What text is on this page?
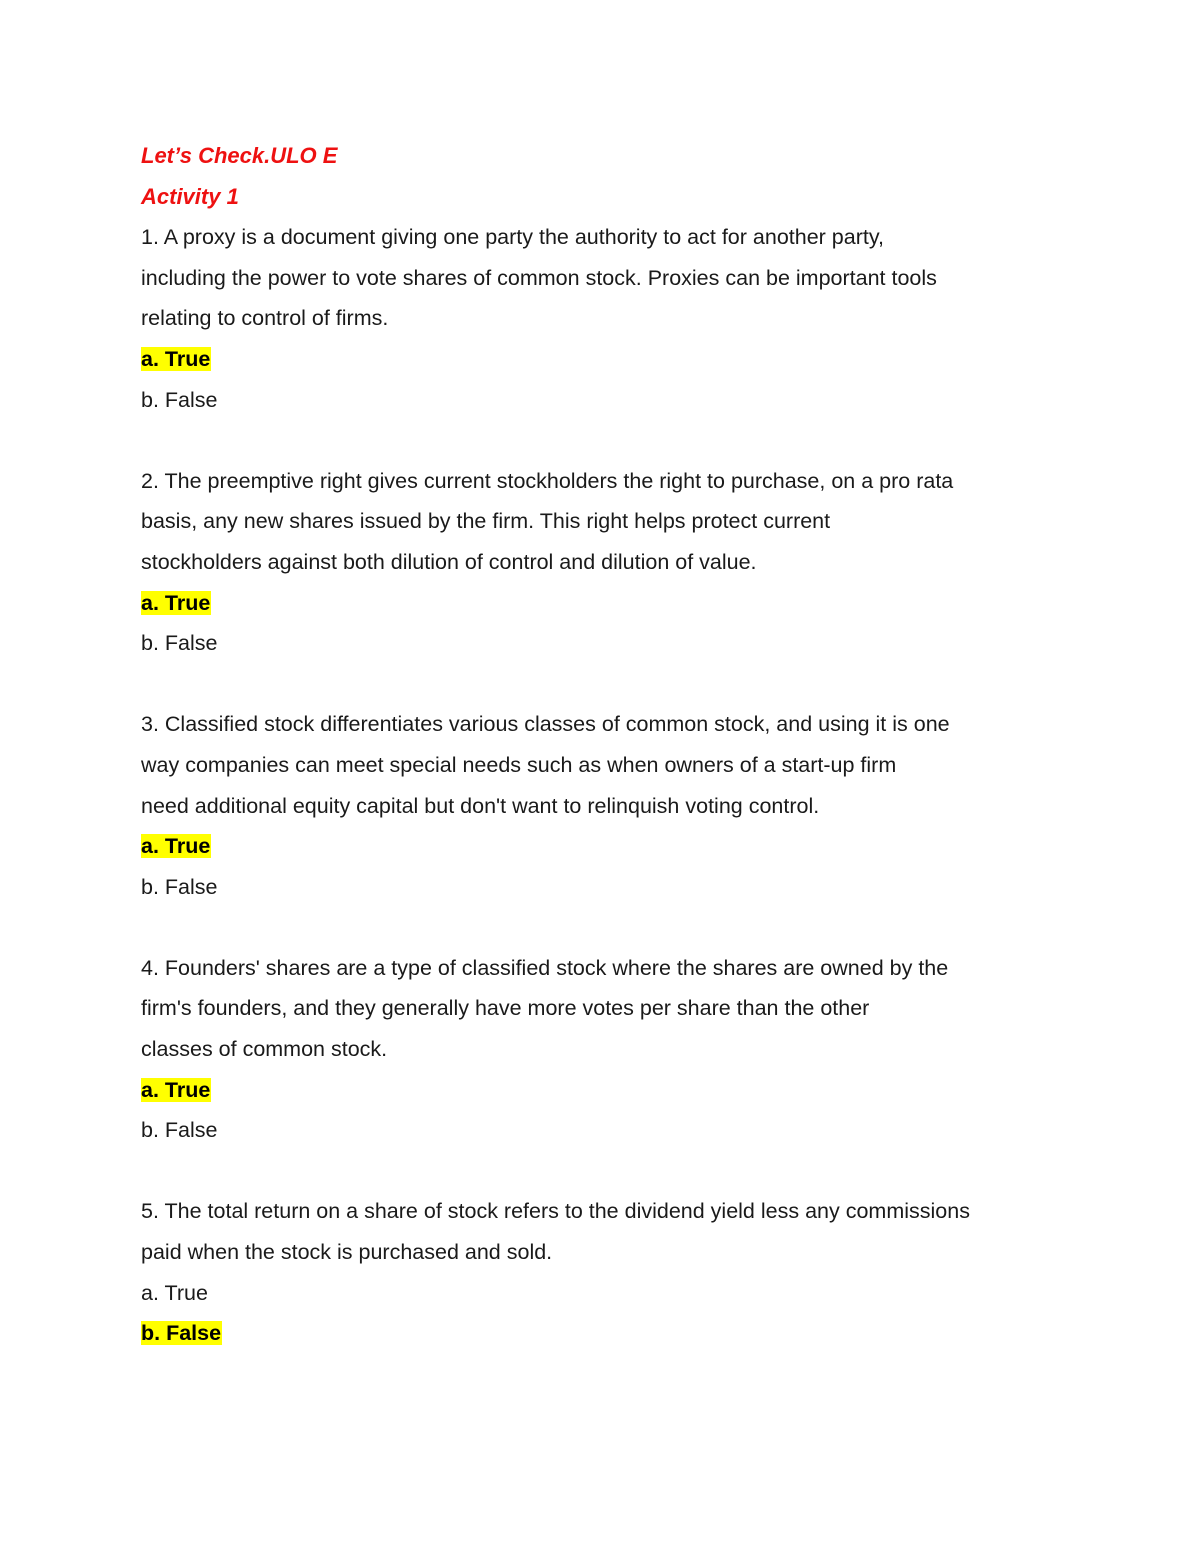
Let’s Check.ULO E
Activity 1
1. A proxy is a document giving one party the authority to act for another party,
including the power to vote shares of common stock. Proxies can be important tools
relating to control of firms.
a. True
b. False
2. The preemptive right gives current stockholders the right to purchase, on a pro rata
basis, any new shares issued by the firm. This right helps protect current
stockholders against both dilution of control and dilution of value.
a. True
b. False
3. Classified stock differentiates various classes of common stock, and using it is one
way companies can meet special needs such as when owners of a start-up firm
need additional equity capital but don't want to relinquish voting control.
a. True
b. False
4. Founders' shares are a type of classified stock where the shares are owned by the
firm's founders, and they generally have more votes per share than the other
classes of common stock.
a. True
b. False
5. The total return on a share of stock refers to the dividend yield less any commissions
paid when the stock is purchased and sold.
a. True
b. False
